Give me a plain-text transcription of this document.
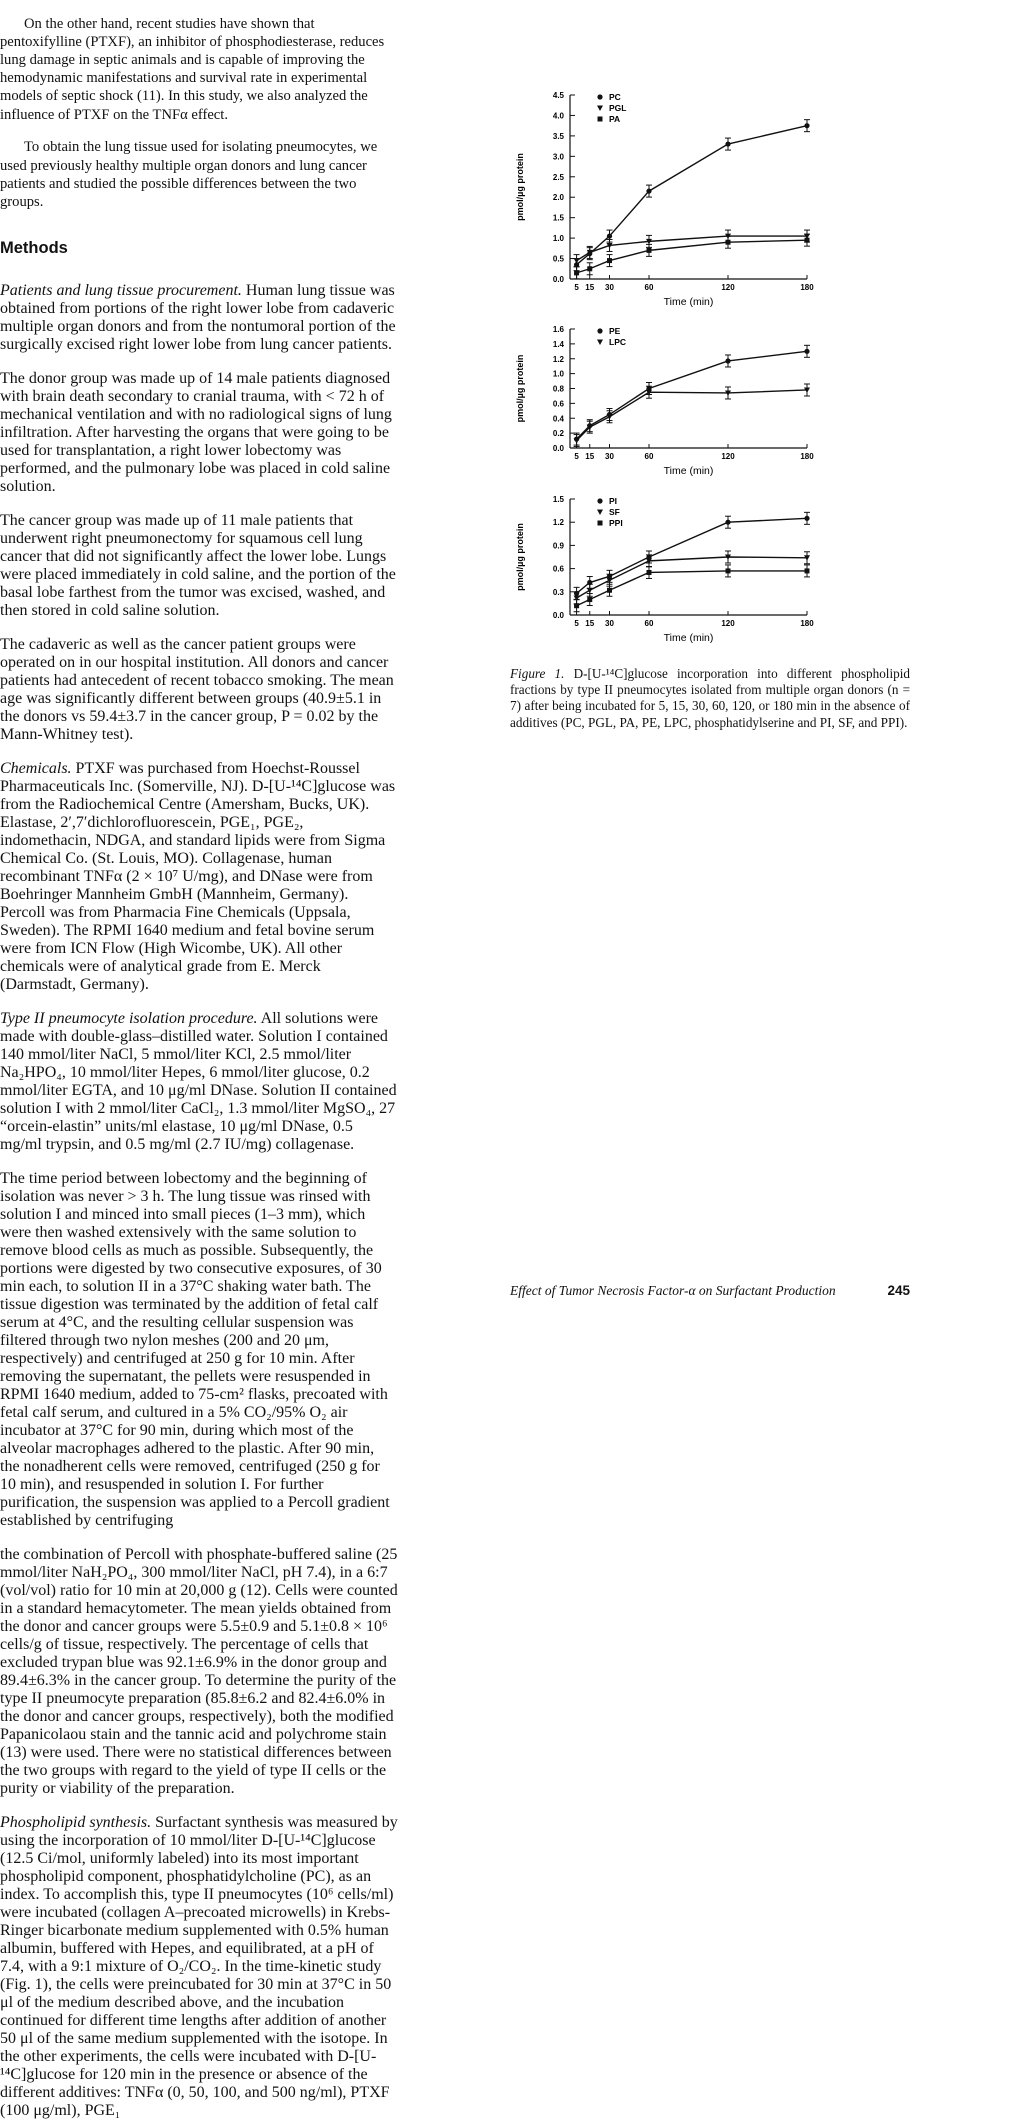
On the other hand, recent studies have shown that pentoxifylline (PTXF), an inhibitor of phosphodiesterase, reduces lung damage in septic animals and is capable of improving the hemodynamic manifestations and survival rate in experimental models of septic shock (11). In this study, we also analyzed the influence of PTXF on the TNFα effect.

To obtain the lung tissue used for isolating pneumocytes, we used previously healthy multiple organ donors and lung cancer patients and studied the possible differences between the two groups.

Methods

Patients and lung tissue procurement. Human lung tissue was obtained from portions of the right lower lobe from cadaveric multiple organ donors and from the nontumoral portion of the surgically excised right lower lobe from lung cancer patients.

The donor group was made up of 14 male patients diagnosed with brain death secondary to cranial trauma, with < 72 h of mechanical ventilation and with no radiological signs of lung infiltration. After harvesting the organs that were going to be used for transplantation, a right lower lobectomy was performed, and the pulmonary lobe was placed in cold saline solution.

The cancer group was made up of 11 male patients that underwent right pneumonectomy for squamous cell lung cancer that did not significantly affect the lower lobe. Lungs were placed immediately in cold saline, and the portion of the basal lobe farthest from the tumor was excised, washed, and then stored in cold saline solution.

The cadaveric as well as the cancer patient groups were operated on in our hospital institution. All donors and cancer patients had antecedent of recent tobacco smoking. The mean age was significantly different between groups (40.9±5.1 in the donors vs 59.4±3.7 in the cancer group, P = 0.02 by the Mann-Whitney test).

Chemicals. PTXF was purchased from Hoechst-Roussel Pharmaceuticals Inc. (Somerville, NJ). D-[U-¹⁴C]glucose was from the Radiochemical Centre (Amersham, Bucks, UK). Elastase, 2′,7′dichlorofluorescein, PGE₁, PGE₂, indomethacin, NDGA, and standard lipids were from Sigma Chemical Co. (St. Louis, MO). Collagenase, human recombinant TNFα (2 × 10⁷ U/mg), and DNase were from Boehringer Mannheim GmbH (Mannheim, Germany). Percoll was from Pharmacia Fine Chemicals (Uppsala, Sweden). The RPMI 1640 medium and fetal bovine serum were from ICN Flow (High Wicombe, UK). All other chemicals were of analytical grade from E. Merck (Darmstadt, Germany).

Type II pneumocyte isolation procedure. All solutions were made with double-glass–distilled water. Solution I contained 140 mmol/liter NaCl, 5 mmol/liter KCl, 2.5 mmol/liter Na₂HPO₄, 10 mmol/liter Hepes, 6 mmol/liter glucose, 0.2 mmol/liter EGTA, and 10 μg/ml DNase. Solution II contained solution I with 2 mmol/liter CaCl₂, 1.3 mmol/liter MgSO₄, 27 “orcein-elastin” units/ml elastase, 10 μg/ml DNase, 0.5 mg/ml trypsin, and 0.5 mg/ml (2.7 IU/mg) collagenase.

The time period between lobectomy and the beginning of isolation was never > 3 h. The lung tissue was rinsed with solution I and minced into small pieces (1–3 mm), which were then washed extensively with the same solution to remove blood cells as much as possible. Subsequently, the portions were digested by two consecutive exposures, of 30 min each, to solution II in a 37°C shaking water bath. The tissue digestion was terminated by the addition of fetal calf serum at 4°C, and the resulting cellular suspension was filtered through two nylon meshes (200 and 20 μm, respectively) and centrifuged at 250 g for 10 min. After removing the supernatant, the pellets were resuspended in RPMI 1640 medium, added to 75-cm² flasks, precoated with fetal calf serum, and cultured in a 5% CO₂/95% O₂ air incubator at 37°C for 90 min, during which most of the alveolar macrophages adhered to the plastic. After 90 min, the nonadherent cells were removed, centrifuged (250 g for 10 min), and resuspended in solution I. For further purification, the suspension was applied to a Percoll gradient established by centrifuging

0.0
0.5
1.0
1.5
2.0
2.5
3.0
3.5
4.0
4.5
5 15 30	60	120	180
Time (min)
pmol/µg protein
PC
PGL
PA
0.0
0.2
0.4
0.6
0.8
1.0
1.2
1.4
1.6
5 15 30	60	120	180
Time (min)
pmol/µg protein
PE
LPC
0.0
0.3
0.6
0.9
1.2
1.5
5 15 30	60	120	180
Time (min)
pmol/µg protein
PI
SF
PPI
Figure 1. D-[U-¹⁴C]glucose incorporation into different phospholipid fractions by type II pneumocytes isolated from multiple organ donors (n = 7) after being incubated for 5, 15, 30, 60, 120, or 180 min in the absence of additives (PC, PGL, PA, PE, LPC, phosphatidylserine and PI, SF, and PPI).

the combination of Percoll with phosphate-buffered saline (25 mmol/liter NaH₂PO₄, 300 mmol/liter NaCl, pH 7.4), in a 6:7 (vol/vol) ratio for 10 min at 20,000 g (12). Cells were counted in a standard hemacytometer. The mean yields obtained from the donor and cancer groups were 5.5±0.9 and 5.1±0.8 × 10⁶ cells/g of tissue, respectively. The percentage of cells that excluded trypan blue was 92.1±6.9% in the donor group and 89.4±6.3% in the cancer group. To determine the purity of the type II pneumocyte preparation (85.8±6.2 and 82.4±6.0% in the donor and cancer groups, respectively), both the modified Papanicolaou stain and the tannic acid and polychrome stain (13) were used. There were no statistical differences between the two groups with regard to the yield of type II cells or the purity or viability of the preparation.

Phospholipid synthesis. Surfactant synthesis was measured by using the incorporation of 10 mmol/liter D-[U-¹⁴C]glucose (12.5 Ci/mol, uniformly labeled) into its most important phospholipid component, phosphatidylcholine (PC), as an index. To accomplish this, type II pneumocytes (10⁶ cells/ml) were incubated (collagen A–precoated microwells) in Krebs-Ringer bicarbonate medium supplemented with 0.5% human albumin, buffered with Hepes, and equilibrated, at a pH of 7.4, with a 9:1 mixture of O₂/CO₂. In the time-kinetic study (Fig. 1), the cells were preincubated for 30 min at 37°C in 50 μl of the medium described above, and the incubation continued for different time lengths after addition of another 50 μl of the same medium supplemented with the isotope. In the other experiments, the cells were incubated with D-[U-¹⁴C]glucose for 120 min in the presence or absence of the different additives: TNFα (0, 50, 100, and 500 ng/ml), PTXF (100 μg/ml), PGE₁

Effect of Tumor Necrosis Factor-α on Surfactant Production	245
